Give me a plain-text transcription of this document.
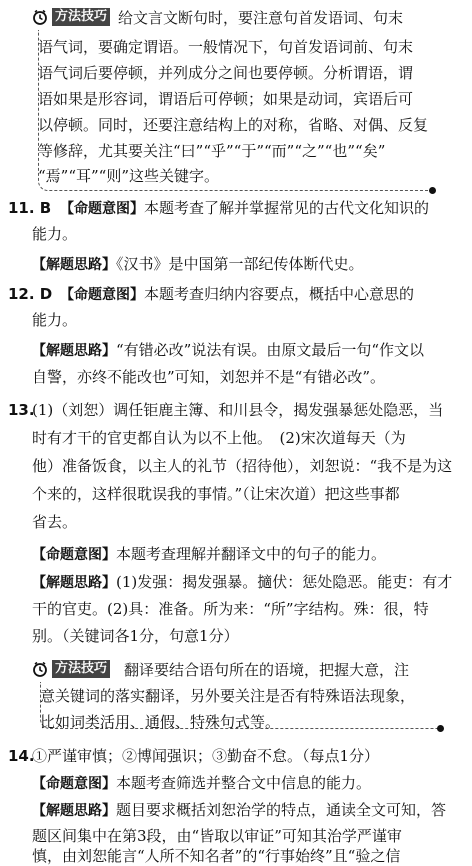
方法技巧 给文言文断句时，要注意句首发语词、句末
语气词，要确定谓语。一般情况下，句首发语词前、句末
语气词后要停顿，并列成分之间也要停顿。分析谓语，谓
语如果是形容词，谓语后可停顿；如果是动词，宾语后可
以停顿。同时，还要注意结构上的对称，省略、对偶、反复
等修辞，尤其要关注“曰”“乎”“于”“而”“之”“也”“矣”
“焉”“耳”“则”这些关键字。
11. B 【命题意图】本题考查了解并掌握常见的古代文化知识的
能力。
【解题思路】《汉书》是中国第一部纪传体断代史。
12. D 【命题意图】本题考查归纳内容要点，概括中心意思的
能力。
【解题思路】“有错必改”说法有误。由原文最后一句“作文以
自警，亦终不能改也”可知，刘恕并不是“有错必改”。
13.
(1)（刘恕）调任钜鹿主簿、和川县令，揭发强暴惩处隐恶，当
时有才干的官吏都自认为以不上他。　(2)宋次道每天（为
他）准备饭食，以主人的礼节（招待他），刘恕说：“我不是为这
个来的，这样很耽误我的事情。”（让宋次道）把这些事都
省去。
【命题意图】本题考查理解并翻译文中的句子的能力。
【解题思路】(1)发强：揭发强暴。擿伏：惩处隐恶。能吏：有才
干的官吏。(2)具：准备。所为来：“所”字结构。殊：很，特
别。（关键词各1分，句意1分）
方法技巧 翻译要结合语句所在的语境，把握大意，注
意关键词的落实翻译，另外要关注是否有特殊语法现象，
比如词类活用、通假、特殊句式等。
14.
①严谨审慎；②博闻强识；③勤奋不怠。（每点1分）
【命题意图】本题考查筛选并整合文中信息的能力。
【解题思路】题目要求概括刘恕治学的特点，通读全文可知，答
题区间集中在第3段，由“皆取以审证”可知其治学严谨审
慎，由刘恕能言“人所不知名者”的“行事始终”且“验之信
